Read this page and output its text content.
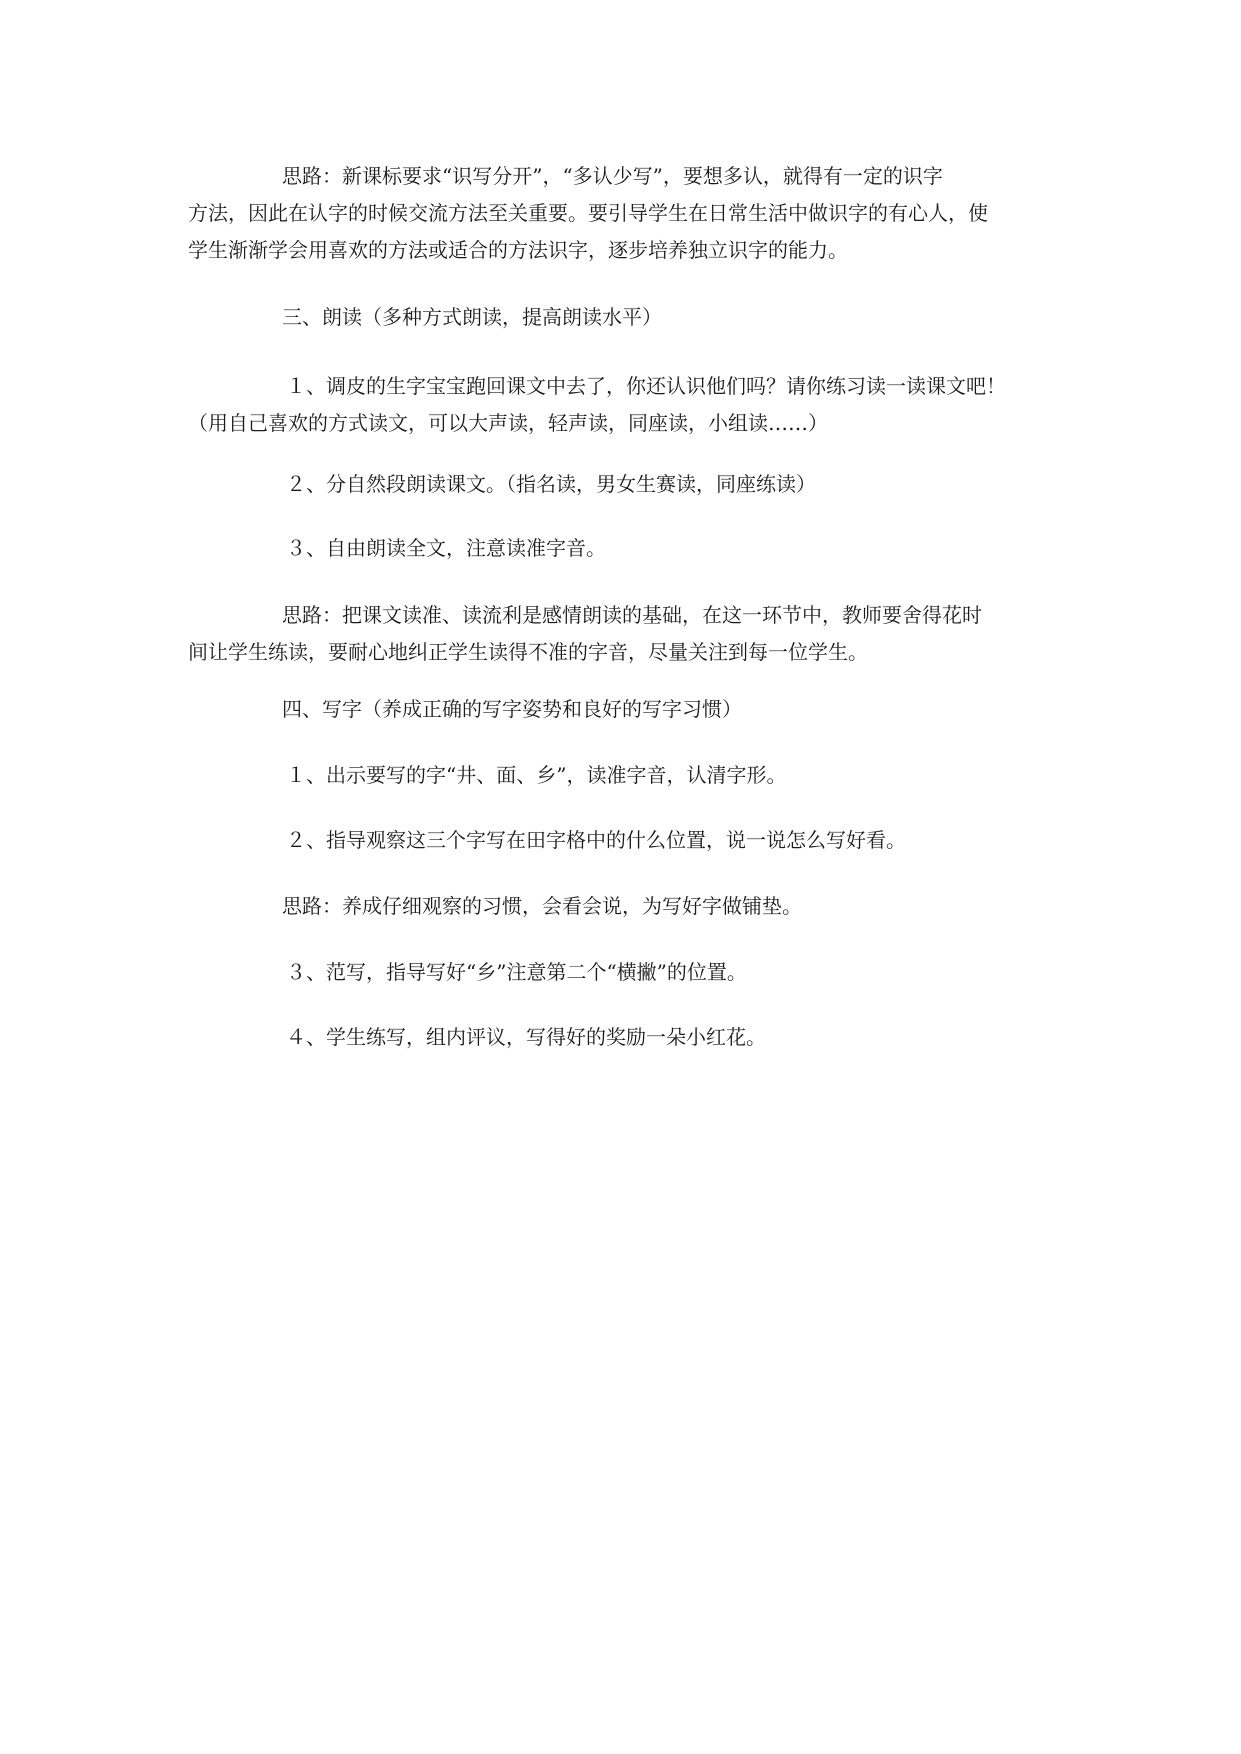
思路：新课标要求“识写分开”，“多认少写”，要想多认，就得有一定的识字
方法，因此在认字的时候交流方法至关重要。要引导学生在日常生活中做识字的有心人，使
学生渐渐学会用喜欢的方法或适合的方法识字，逐步培养独立识字的能力。
三、朗读（多种方式朗读，提高朗读水平）
１、调皮的生字宝宝跑回课文中去了，你还认识他们吗？请你练习读一读课文吧！
（用自己喜欢的方式读文，可以大声读，轻声读，同座读，小组读……）
２、分自然段朗读课文。（指名读，男女生赛读，同座练读）
３、自由朗读全文，注意读准字音。
思路：把课文读准、读流利是感情朗读的基础，在这一环节中，教师要舍得花时
间让学生练读，要耐心地纠正学生读得不准的字音，尽量关注到每一位学生。
四、写字（养成正确的写字姿势和良好的写字习惯）
１、出示要写的字“井、面、乡”，读准字音，认清字形。
２、指导观察这三个字写在田字格中的什么位置，说一说怎么写好看。
思路：养成仔细观察的习惯，会看会说，为写好字做铺垫。
３、范写，指导写好“乡”注意第二个“横撇”的位置。
４、学生练写，组内评议，写得好的奖励一朵小红花。
